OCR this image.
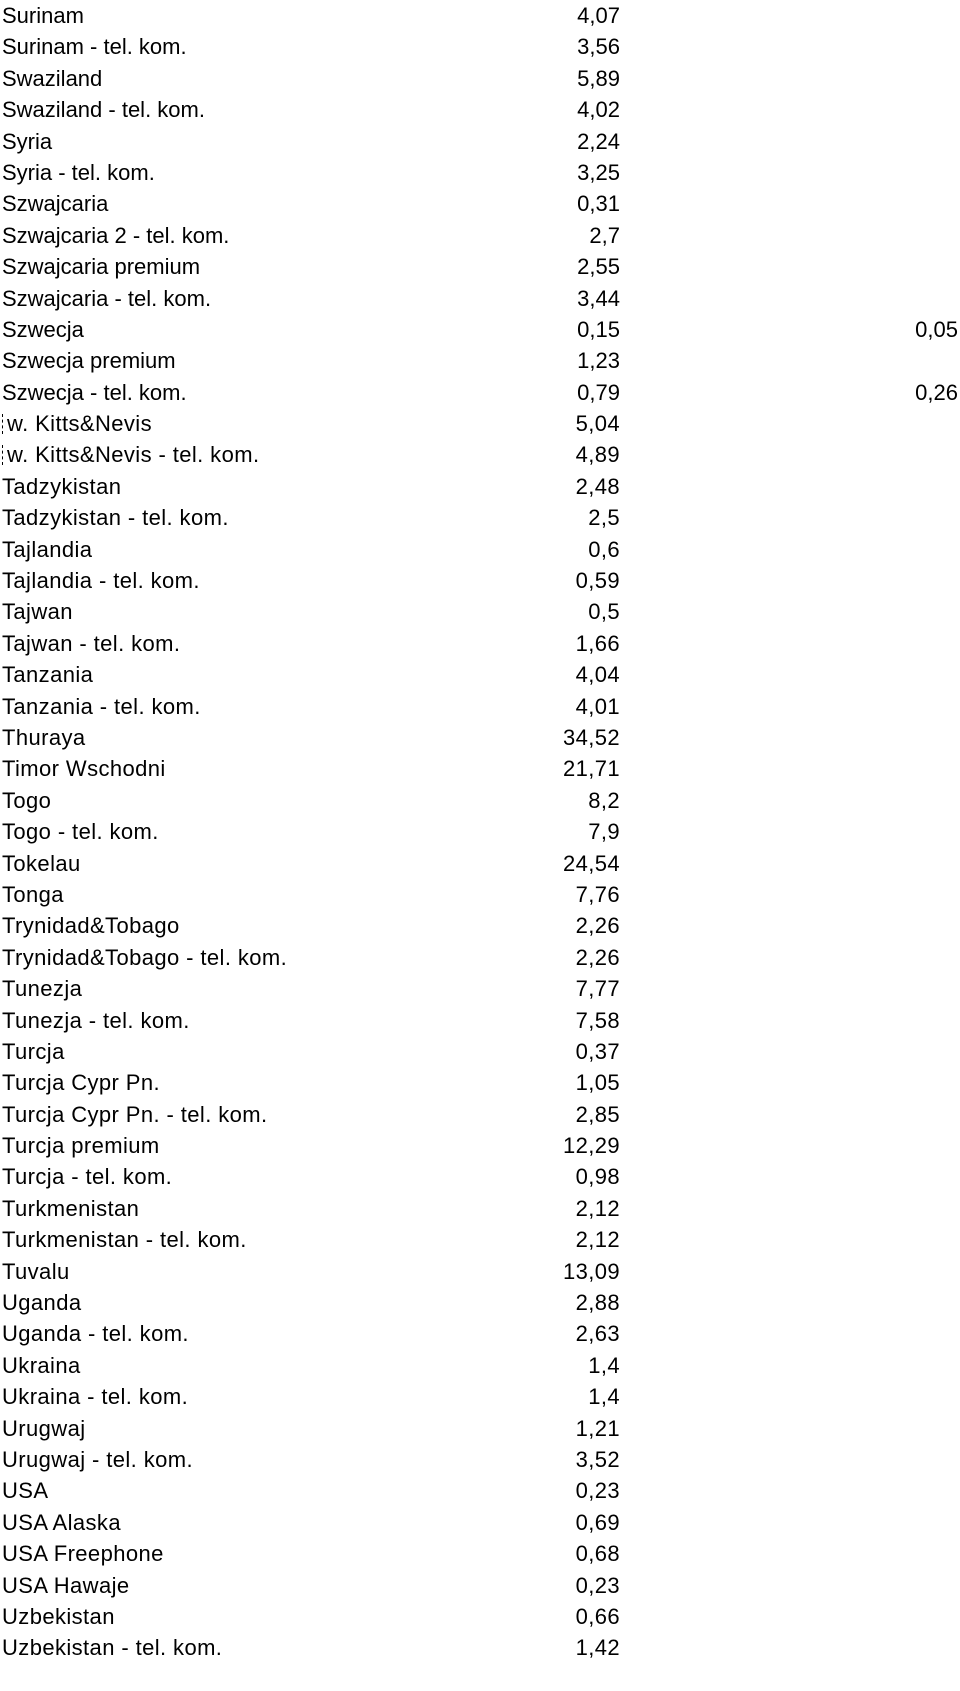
Surinam	4,07
Surinam - tel. kom.	3,56
Swaziland	5,89
Swaziland - tel. kom.	4,02
Syria	2,24
Syria - tel. kom.	3,25
Szwajcaria	0,31
Szwajcaria 2 - tel. kom.	2,7
Szwajcaria premium	2,55
Szwajcaria - tel. kom.	3,44
Szwecja	0,15	0,05
Szwecja premium	1,23
Szwecja - tel. kom.	0,79	0,26
w. Kitts&Nevis	5,04
w. Kitts&Nevis - tel. kom.	4,89
Tadzykistan	2,48
Tadzykistan - tel. kom.	2,5
Tajlandia	0,6
Tajlandia - tel. kom.	0,59
Tajwan	0,5
Tajwan - tel. kom.	1,66
Tanzania	4,04
Tanzania - tel. kom.	4,01
Thuraya	34,52
Timor Wschodni	21,71
Togo	8,2
Togo - tel. kom.	7,9
Tokelau	24,54
Tonga	7,76
Trynidad&Tobago	2,26
Trynidad&Tobago - tel. kom.	2,26
Tunezja	7,77
Tunezja - tel. kom.	7,58
Turcja	0,37
Turcja Cypr Pn.	1,05
Turcja Cypr Pn. - tel. kom.	2,85
Turcja premium	12,29
Turcja - tel. kom.	0,98
Turkmenistan	2,12
Turkmenistan - tel. kom.	2,12
Tuvalu	13,09
Uganda	2,88
Uganda - tel. kom.	2,63
Ukraina	1,4
Ukraina - tel. kom.	1,4
Urugwaj	1,21
Urugwaj - tel. kom.	3,52
USA	0,23
USA Alaska	0,69
USA Freephone	0,68
USA Hawaje	0,23
Uzbekistan	0,66
Uzbekistan - tel. kom.	1,42
